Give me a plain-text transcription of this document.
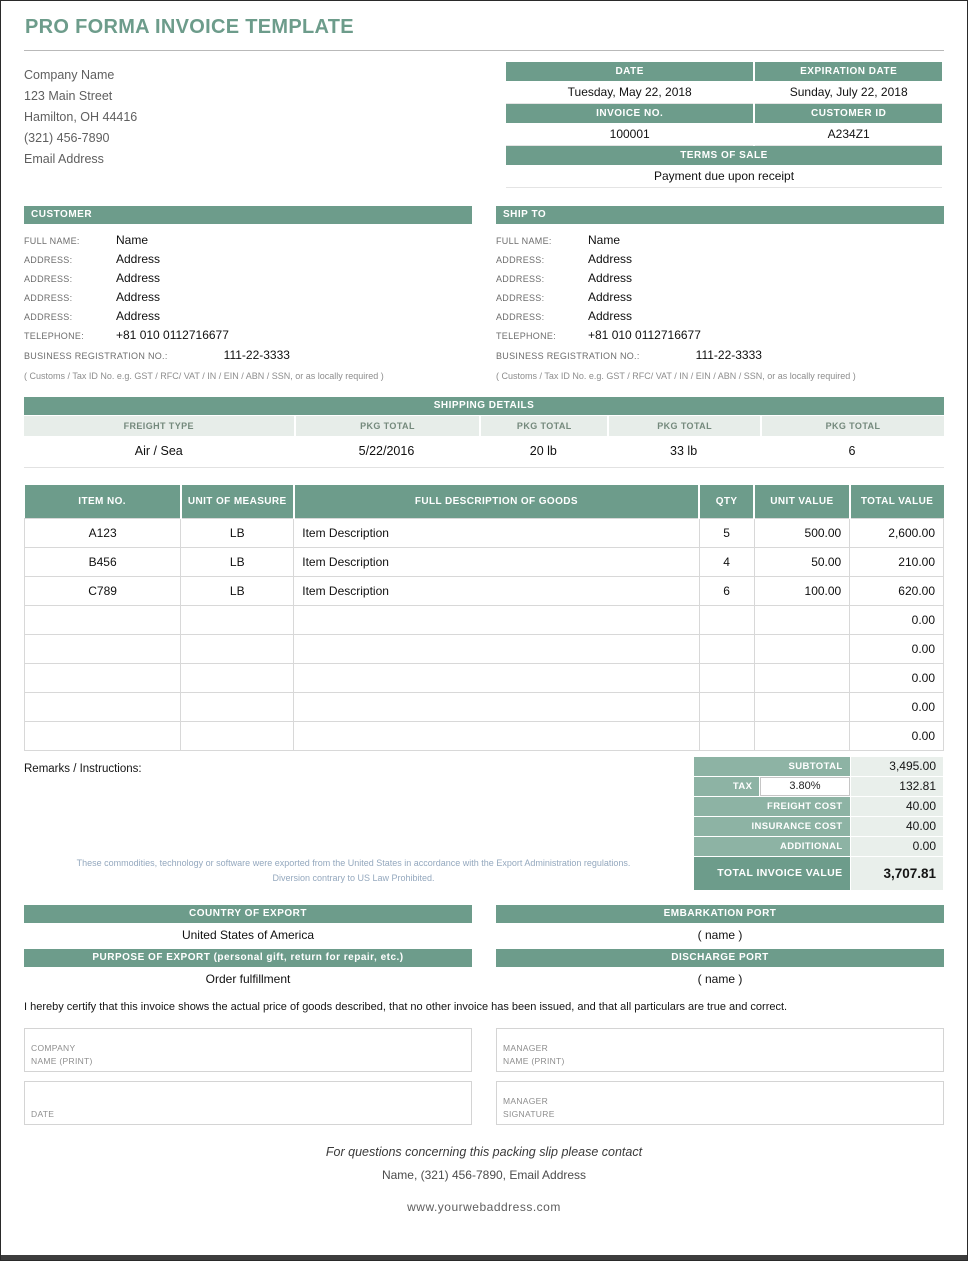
PRO FORMA INVOICE TEMPLATE
Company Name
123 Main Street
Hamilton, OH 44416
(321) 456-7890
Email Address
DATE	EXPIRATION DATE
Tuesday, May 22, 2018	Sunday, July 22, 2018
INVOICE NO.	CUSTOMER ID
100001	A234Z1
TERMS OF SALE	
Payment due upon receipt	
CUSTOMER
FULL NAME:	Name
ADDRESS:	Address
ADDRESS:	Address
ADDRESS:	Address
ADDRESS:	Address
TELEPHONE:	+81 010 0112716677
BUSINESS REGISTRATION NO.:	111-22-3333
( Customs / Tax ID No. e.g. GST / RFC/ VAT / IN / EIN / ABN / SSN, or as locally required )
SHIP TO
FULL NAME:	Name
ADDRESS:	Address
ADDRESS:	Address
ADDRESS:	Address
ADDRESS:	Address
TELEPHONE:	+81 010 0112716677
BUSINESS REGISTRATION NO.:	111-22-3333
( Customs / Tax ID No. e.g. GST / RFC/ VAT / IN / EIN / ABN / SSN, or as locally required )
SHIPPING DETAILS
FREIGHT TYPE	PKG TOTAL	PKG TOTAL	PKG TOTAL	PKG TOTAL
Air / Sea	5/22/2016	20 lb	33 lb	6
ITEM NO.	UNIT OF MEASURE	FULL DESCRIPTION OF GOODS	QTY	UNIT VALUE	TOTAL VALUE
A123	LB	Item Description	5	500.00	2,600.00
B456	LB	Item Description	4	50.00	210.00
C789	LB	Item Description	6	100.00	620.00
					0.00
					0.00
					0.00
					0.00
					0.00
Remarks / Instructions:
These commodities, technology or software were exported from the United States in accordance with the Export Administration regulations.
Diversion contrary to US Law Prohibited.
SUBTOTAL		3,495.00
TAX	3.80%	132.81
FREIGHT COST		40.00
INSURANCE COST		40.00
ADDITIONAL		0.00
TOTAL INVOICE VALUE		3,707.81
COUNTRY OF EXPORT
United States of America
PURPOSE OF EXPORT (personal gift, return for repair, etc.)
Order fulfillment
EMBARKATION PORT
( name )
DISCHARGE PORT
( name )
I hereby certify that this invoice shows the actual price of goods described, that no other invoice has been issued, and that all particulars are true and correct.
COMPANY
NAME (PRINT)
MANAGER
NAME (PRINT)
DATE
MANAGER
SIGNATURE
For questions concerning this packing slip please contact
Name, (321) 456-7890, Email Address
www.yourwebaddress.com
